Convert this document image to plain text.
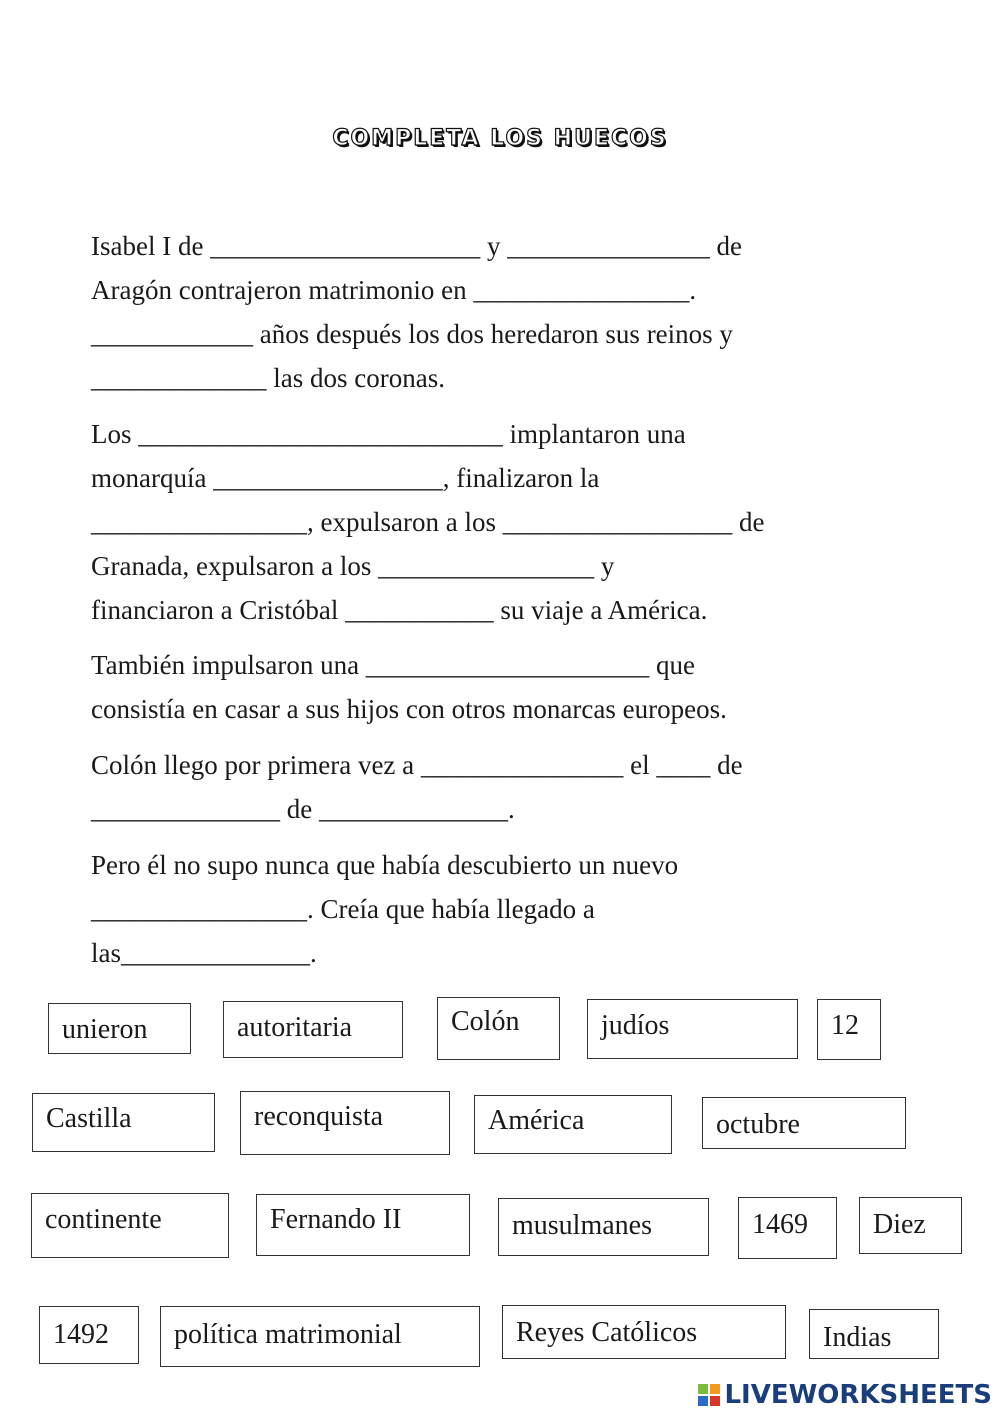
COMPLETA LOS HUECOS
Isabel I de ____________________ y _______________ de
Aragón contrajeron matrimonio en ________________.
____________ años después los dos heredaron sus reinos y
_____________ las dos coronas.
Los ___________________________ implantaron una
monarquía _________________, finalizaron la
________________, expulsaron a los _________________ de
Granada, expulsaron a los ________________ y
financiaron a Cristóbal ___________ su viaje a América.
También impulsaron una _____________________ que
consistía en casar a sus hijos con otros monarcas europeos.
Colón llego por primera vez a _______________ el ____ de
______________ de ______________.
Pero él no supo nunca que había descubierto un nuevo
________________. Creía que había llegado a
las______________.
unieron	autoritaria	Colón	judíos	12
Castilla	reconquista	América	octubre
continente	Fernando II	musulmanes	1469 Diez
1492 política matrimonial	Reyes Católicos	Indias
LIVEWORKSHEETS
